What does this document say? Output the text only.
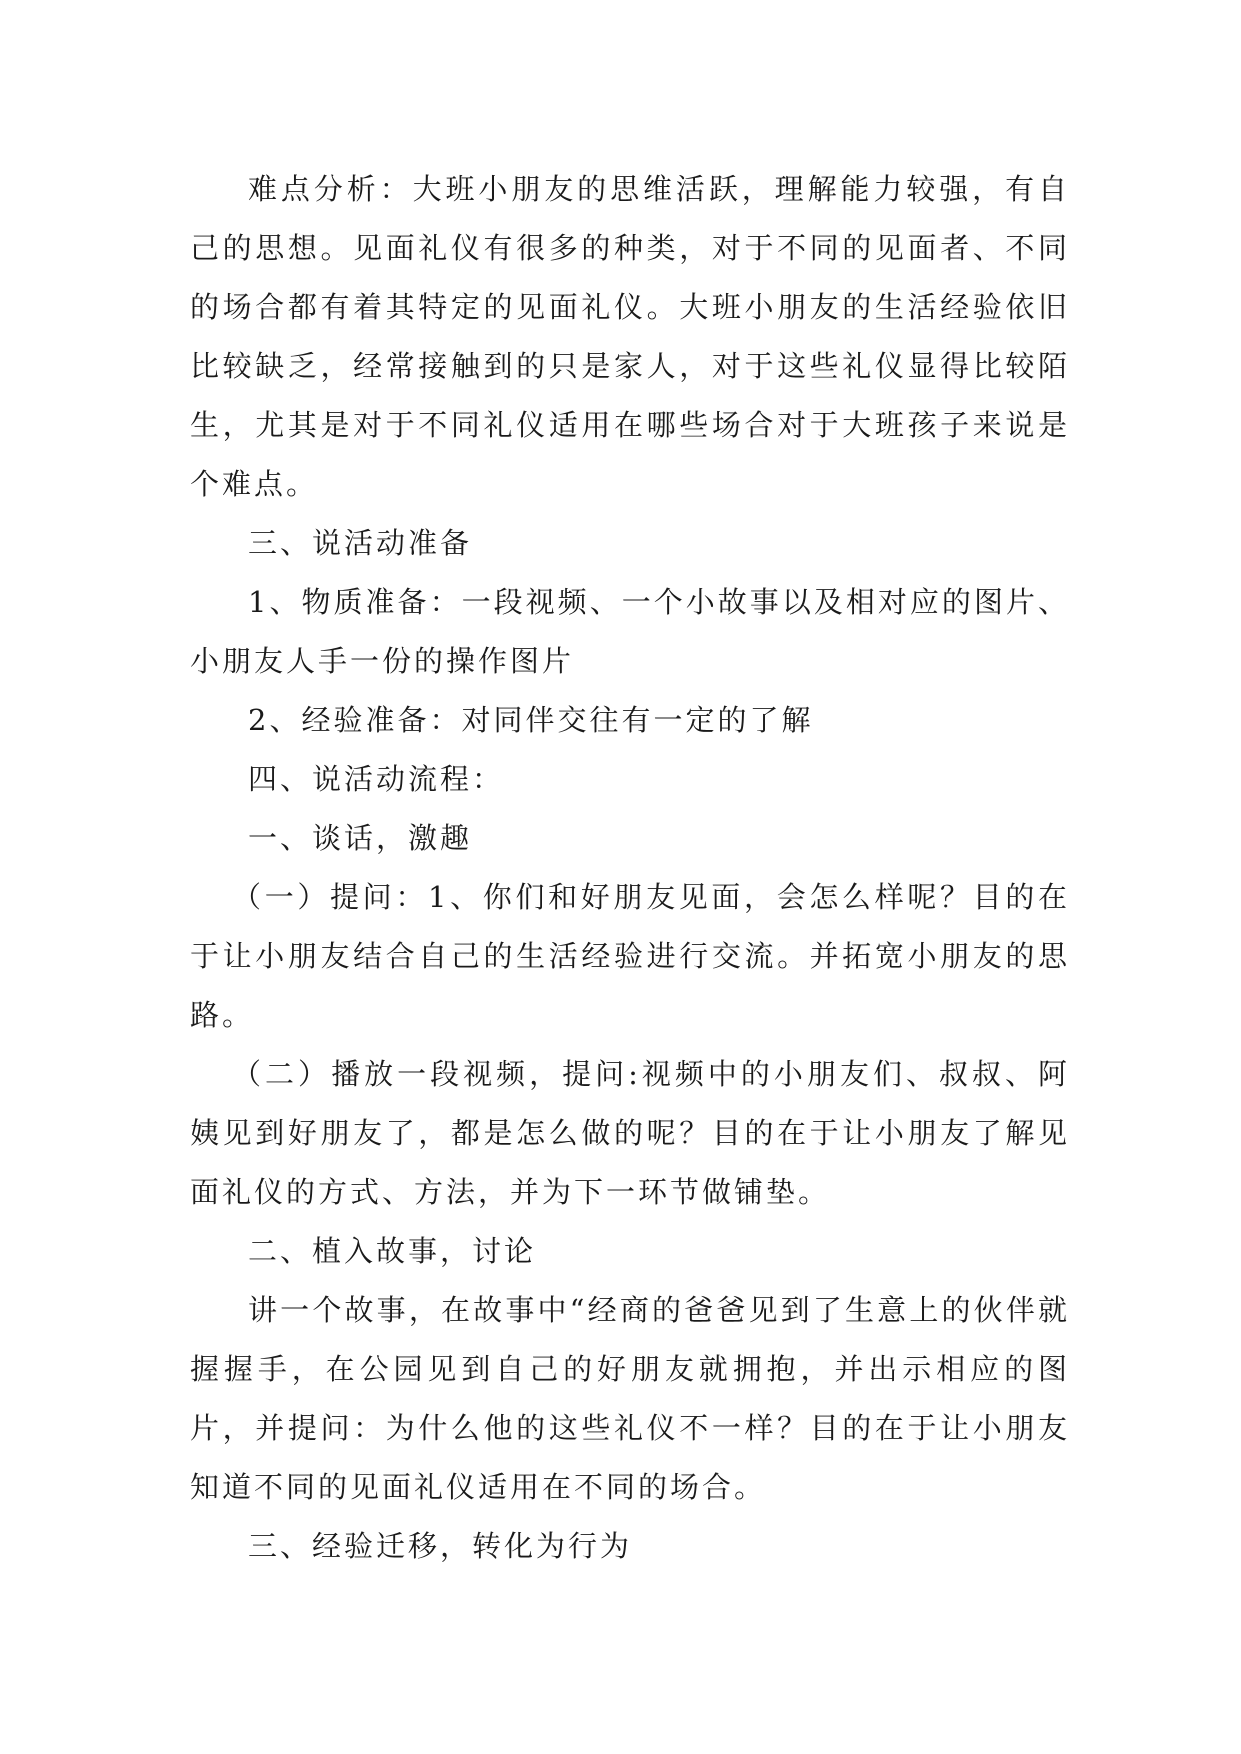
难点分析：大班小朋友的思维活跃，理解能力较强，有自己的思想。见面礼仪有很多的种类，对于不同的见面者、不同的场合都有着其特定的见面礼仪。大班小朋友的生活经验依旧比较缺乏，经常接触到的只是家人，对于这些礼仪显得比较陌生，尤其是对于不同礼仪适用在哪些场合对于大班孩子来说是个难点。

三、说活动准备

1、物质准备：一段视频、一个小故事以及相对应的图片、小朋友人手一份的操作图片

2、经验准备：对同伴交往有一定的了解

四、说活动流程：

一、谈话，激趣

（一）提问：1、你们和好朋友见面，会怎么样呢？目的在于让小朋友结合自己的生活经验进行交流。并拓宽小朋友的思路。

（二）播放一段视频，提问:视频中的小朋友们、叔叔、阿姨见到好朋友了，都是怎么做的呢？目的在于让小朋友了解见面礼仪的方式、方法，并为下一环节做铺垫。

二、植入故事，讨论

讲一个故事，在故事中“经商的爸爸见到了生意上的伙伴就握握手，在公园见到自己的好朋友就拥抱，并出示相应的图片，并提问：为什么他的这些礼仪不一样？目的在于让小朋友知道不同的见面礼仪适用在不同的场合。

三、经验迁移，转化为行为
